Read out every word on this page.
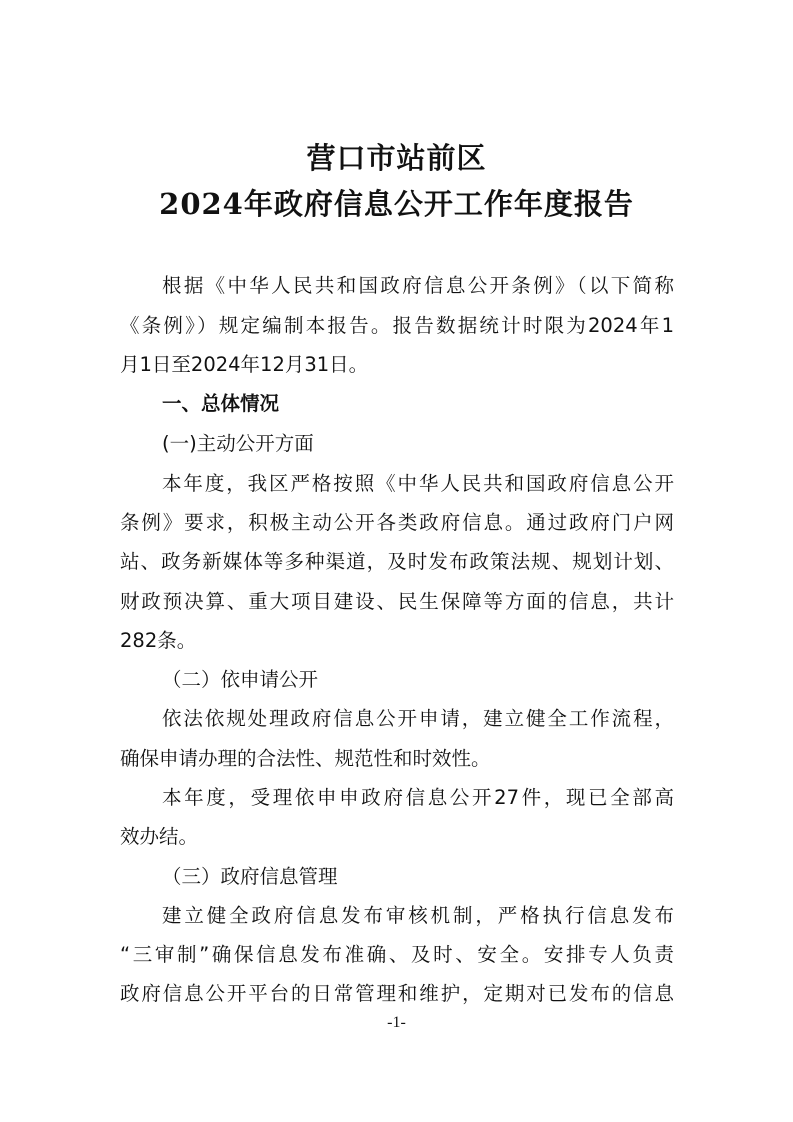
营口市站前区
2024年政府信息公开工作年度报告
根据《中华人民共和国政府信息公开条例》（以下简称
《条例》）规定编制本报告。报告数据统计时限为2024年1
月1日至2024年12月31日。
一、总体情况
(一)主动公开方面
本年度，我区严格按照《中华人民共和国政府信息公开
条例》要求，积极主动公开各类政府信息。通过政府门户网
站、政务新媒体等多种渠道，及时发布政策法规、规划计划、
财政预决算、重大项目建设、民生保障等方面的信息，共计
282条。
（二）依申请公开
依法依规处理政府信息公开申请，建立健全工作流程，
确保申请办理的合法性、规范性和时效性。
本年度，受理依申申政府信息公开27件，现已全部高
效办结。
（三）政府信息管理
建立健全政府信息发布审核机制，严格执行信息发布
“三审制”确保信息发布准确、及时、安全。安排专人负责
政府信息公开平台的日常管理和维护，定期对已发布的信息
-1-
